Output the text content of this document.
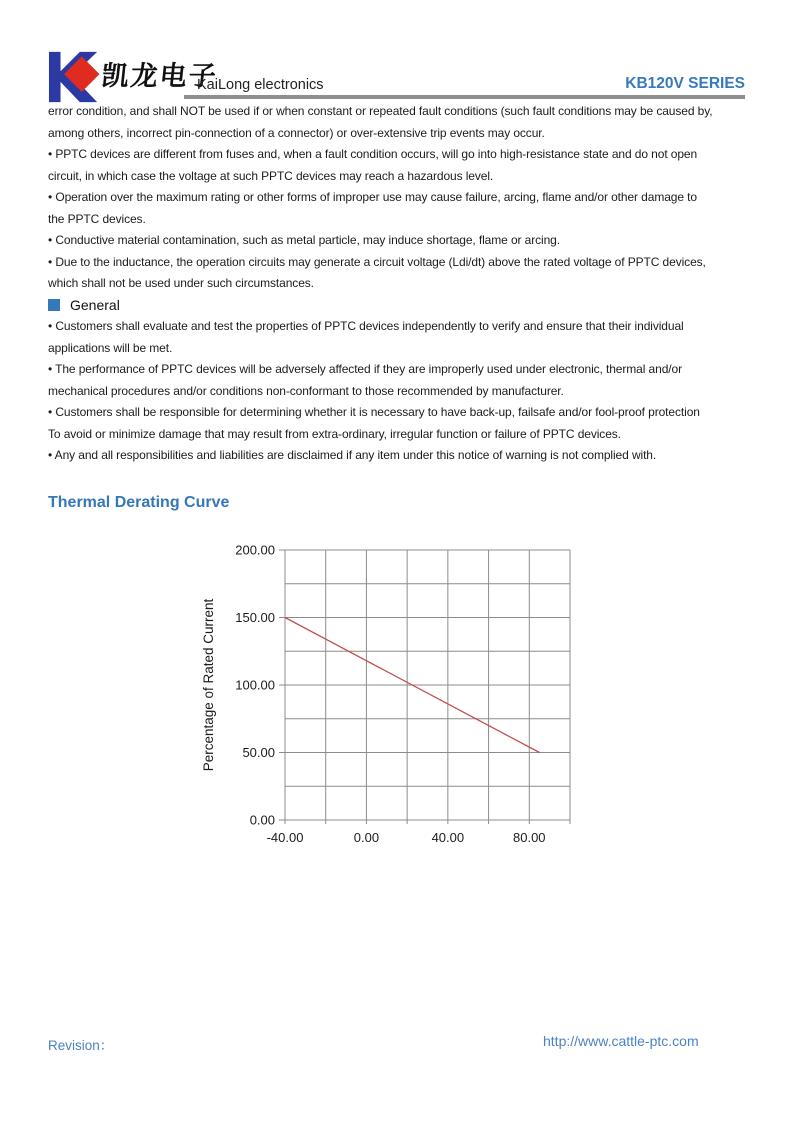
凯龙电子
KaiLong electronics	KB120V SERIES
error condition, and shall NOT be used if or when constant or repeated fault conditions (such fault conditions may be caused by,
among others, incorrect pin-connection of a connector) or over-extensive trip events may occur.
• PPTC devices are different from fuses and, when a fault condition occurs, will go into high-resistance state and do not open
circuit, in which case the voltage at such PPTC devices may reach a hazardous level.
• Operation over the maximum rating or other forms of improper use may cause failure, arcing, flame and/or other damage to
the PPTC devices.
• Conductive material contamination, such as metal particle, may induce shortage, flame or arcing.
• Due to the inductance, the operation circuits may generate a circuit voltage (Ldi/dt) above the rated voltage of PPTC devices,
which shall not be used under such circumstances.
General
• Customers shall evaluate and test the properties of PPTC devices independently to verify and ensure that their individual
applications will be met.
• The performance of PPTC devices will be adversely affected if they are improperly used under electronic, thermal and/or
mechanical procedures and/or conditions non-conformant to those recommended by manufacturer.
• Customers shall be responsible for determining whether it is necessary to have back-up, failsafe and/or fool-proof protection
To avoid or minimize damage that may result from extra-ordinary, irregular function or failure of PPTC devices.
• Any and all responsibilities and liabilities are disclaimed if any item under this notice of warning is not complied with.
Thermal Derating Curve
0.00
50.00
100.00
150.00
200.00
-40.00	0.00	40.00	80.00
Percentage of Rated Current
Revision：	http://www.cattle-ptc.com
